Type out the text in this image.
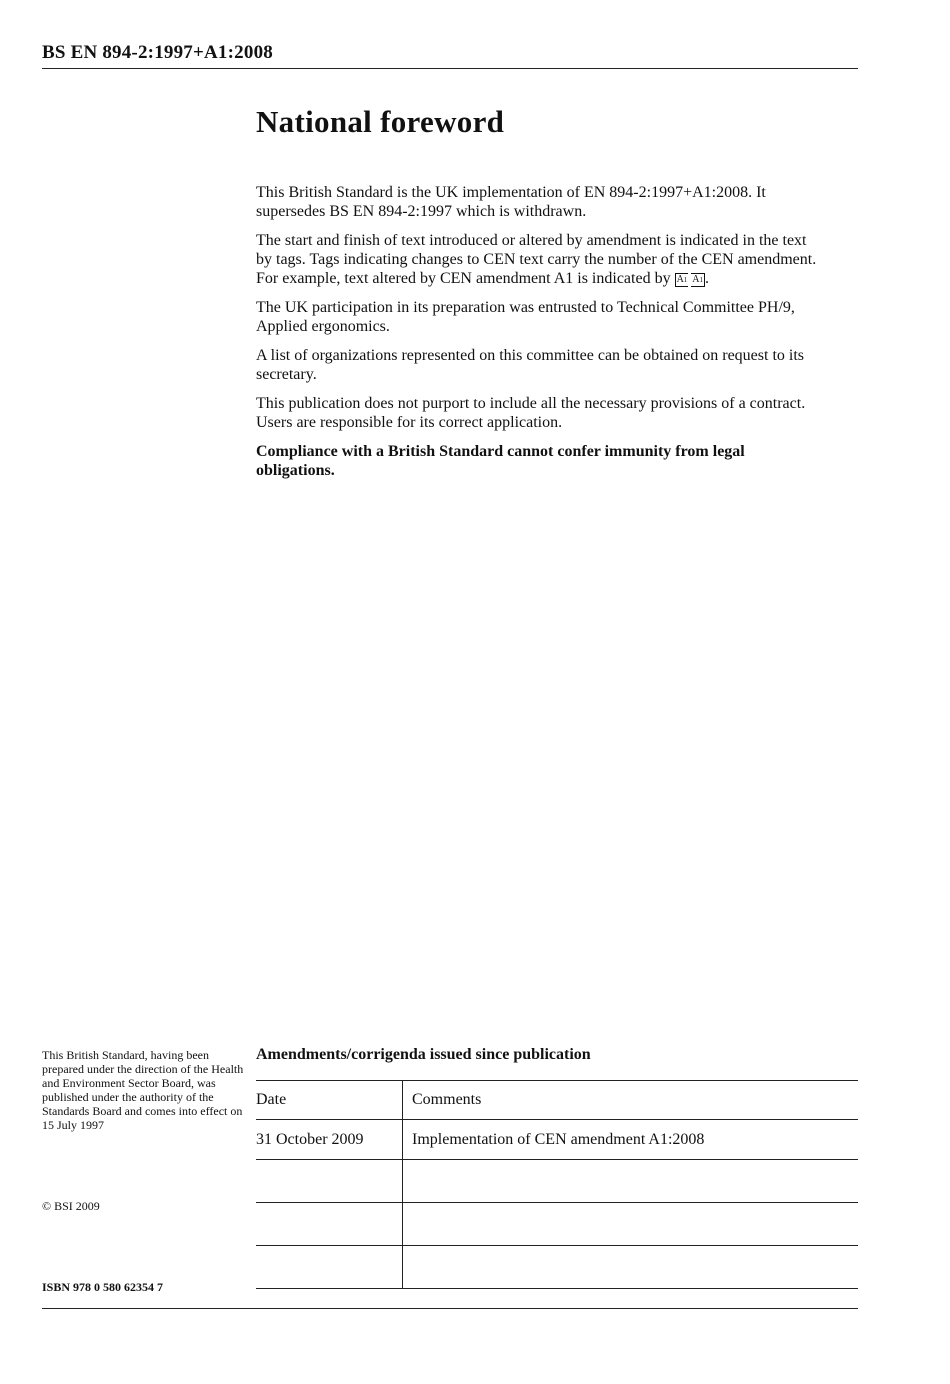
BS EN 894-2:1997+A1:2008
National foreword

This British Standard is the UK implementation of EN 894-2:1997+A1:2008. It supersedes BS EN 894-2:1997 which is withdrawn.

The start and finish of text introduced or altered by amendment is indicated in the text by tags. Tags indicating changes to CEN text carry the number of the CEN amendment. For example, text altered by CEN amendment A1 is indicated by A1 A1 .

The UK participation in its preparation was entrusted to Technical Committee PH/9, Applied ergonomics.

A list of organizations represented on this committee can be obtained on request to its secretary.

This publication does not purport to include all the necessary provisions of a contract. Users are responsible for its correct application.

Compliance with a British Standard cannot confer immunity from legal obligations.

This British Standard, having been prepared under the direction of the Health and Environment Sector Board, was published under the authority of the Standards Board and comes into effect on 15 July 1997
© BSI 2009
ISBN 978 0 580 62354 7
Amendments/corrigenda issued since publication
Date	Comments
31 October 2009	Implementation of CEN amendment A1:2008
